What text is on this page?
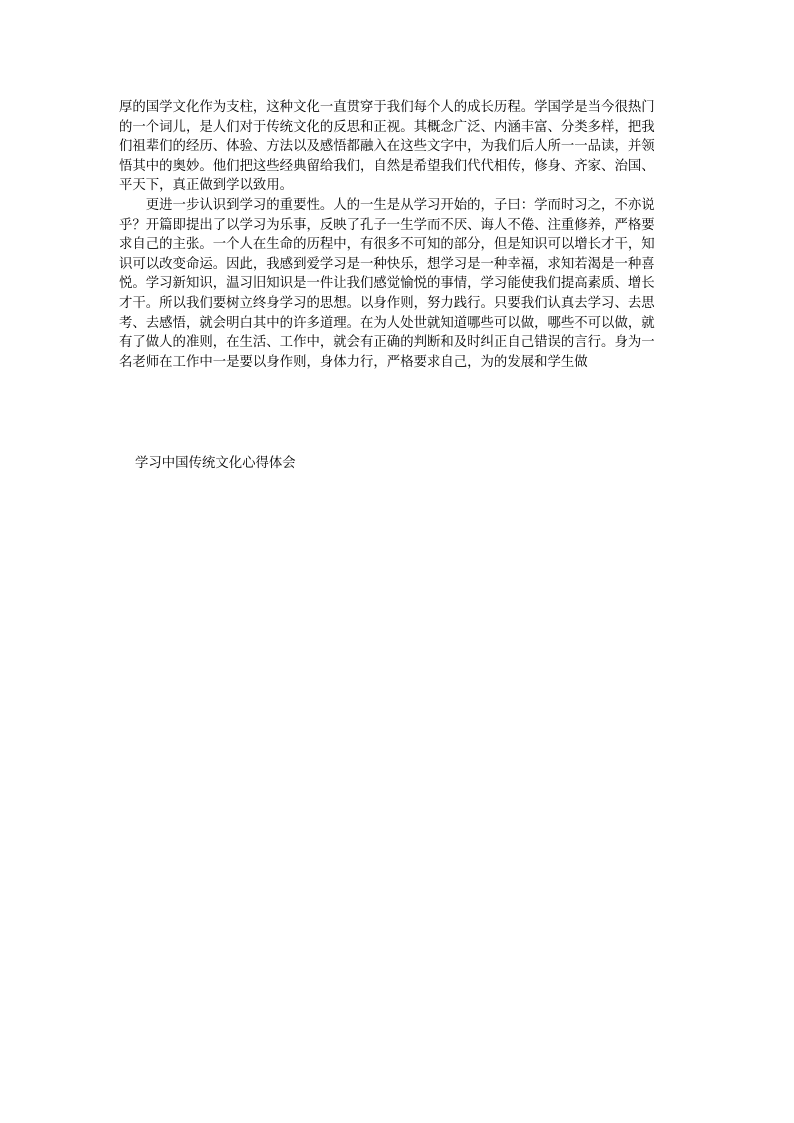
厚的国学文化作为支柱，这种文化一直贯穿于我们每个人的成长历程。学国学是当今很热门
的一个词儿，是人们对于传统文化的反思和正视。其概念广泛、内涵丰富、分类多样，把我
们祖辈们的经历、体验、方法以及感悟都融入在这些文字中，为我们后人所一一品读，并领
悟其中的奥妙。他们把这些经典留给我们，自然是希望我们代代相传，修身、齐家、治国、
平天下，真正做到学以致用。
　　更进一步认识到学习的重要性。人的一生是从学习开始的，子曰：学而时习之，不亦说
乎？开篇即提出了以学习为乐事，反映了孔子一生学而不厌、诲人不倦、注重修养，严格要
求自己的主张。一个人在生命的历程中，有很多不可知的部分，但是知识可以增长才干，知
识可以改变命运。因此，我感到爱学习是一种快乐，想学习是一种幸福，求知若渴是一种喜
悦。学习新知识，温习旧知识是一件让我们感觉愉悦的事情，学习能使我们提高素质、增长
才干。所以我们要树立终身学习的思想。以身作则，努力践行。只要我们认真去学习、去思
考、去感悟，就会明白其中的许多道理。在为人处世就知道哪些可以做，哪些不可以做，就
有了做人的准则，在生活、工作中，就会有正确的判断和及时纠正自己错误的言行。身为一
名老师在工作中一是要以身作则，身体力行，严格要求自己，为的发展和学生做
学习中国传统文化心得体会
